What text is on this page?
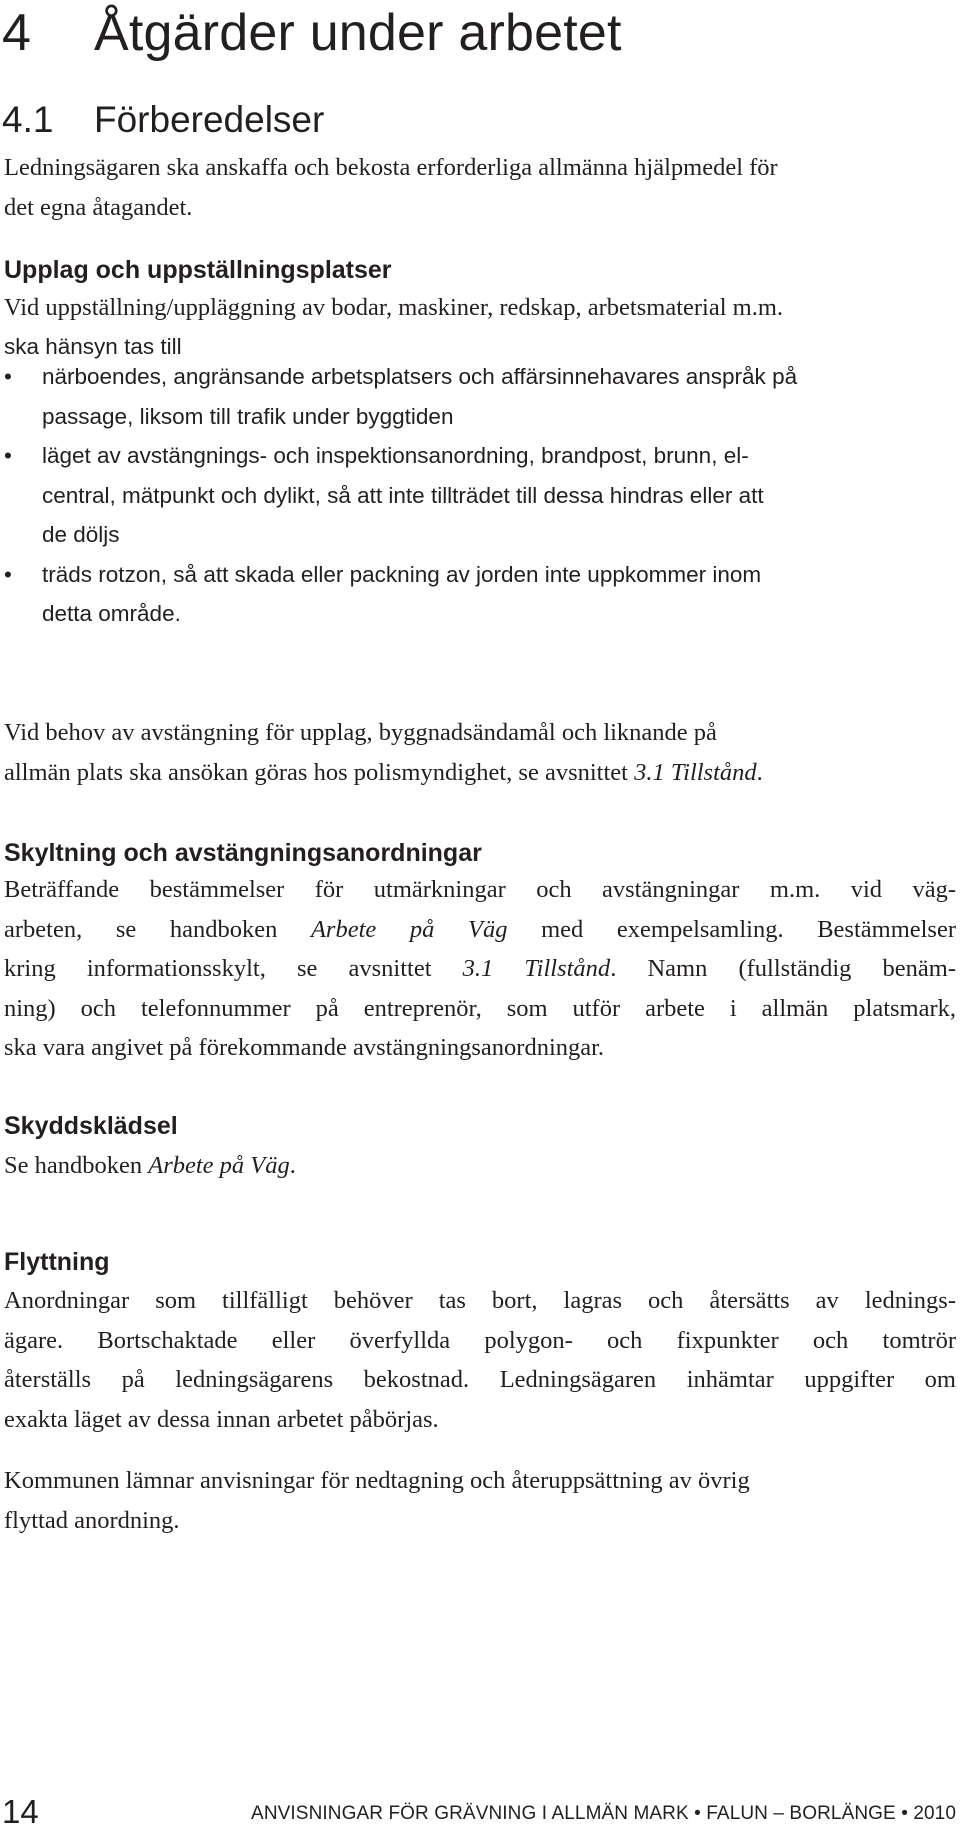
4 Åtgärder under arbetet
4.1 Förberedelser
Ledningsägaren ska anskaffa och bekosta erforderliga allmänna hjälpmedel för
det egna åtagandet.
Upplag och uppställningsplatser
Vid uppställning/uppläggning av bodar, maskiner, redskap, arbetsmaterial m.m.
ska hänsyn tas till
• närboendes, angränsande arbetsplatsers och affärsinnehavares anspråk på
passage, liksom till trafik under byggtiden
• läget av avstängnings- och inspektionsanordning, brandpost, brunn, el-
central, mätpunkt och dylikt, så att inte tillträdet till dessa hindras eller att
de döljs
• träds rotzon, så att skada eller packning av jorden inte uppkommer inom
detta område.
Vid behov av avstängning för upplag, byggnadsändamål och liknande på
allmän plats ska ansökan göras hos polismyndighet, se avsnittet 3.1 Tillstånd.
Skyltning och avstängningsanordningar
Beträffande bestämmelser för utmärkningar och avstängningar m.m. vid väg-
arbeten, se handboken Arbete på Väg med exempelsamling. Bestämmelser
kring informationsskylt, se avsnittet 3.1 Tillstånd. Namn (fullständig benäm-
ning) och telefonnummer på entreprenör, som utför arbete i allmän platsmark,
ska vara angivet på förekommande avstängningsanordningar.
Skyddsklädsel
Se handboken Arbete på Väg.
Flyttning
Anordningar som tillfälligt behöver tas bort, lagras och återsätts av lednings-
ägare. Bortschaktade eller överfyllda polygon- och fixpunkter och tomtrör
återställs på ledningsägarens bekostnad. Ledningsägaren inhämtar uppgifter om
exakta läget av dessa innan arbetet påbörjas.
Kommunen lämnar anvisningar för nedtagning och återuppsättning av övrig
flyttad anordning.
14	ANVISNINGAR FÖR GRÄVNING I ALLMÄN MARK • FALUN – BORLÄNGE • 2010
